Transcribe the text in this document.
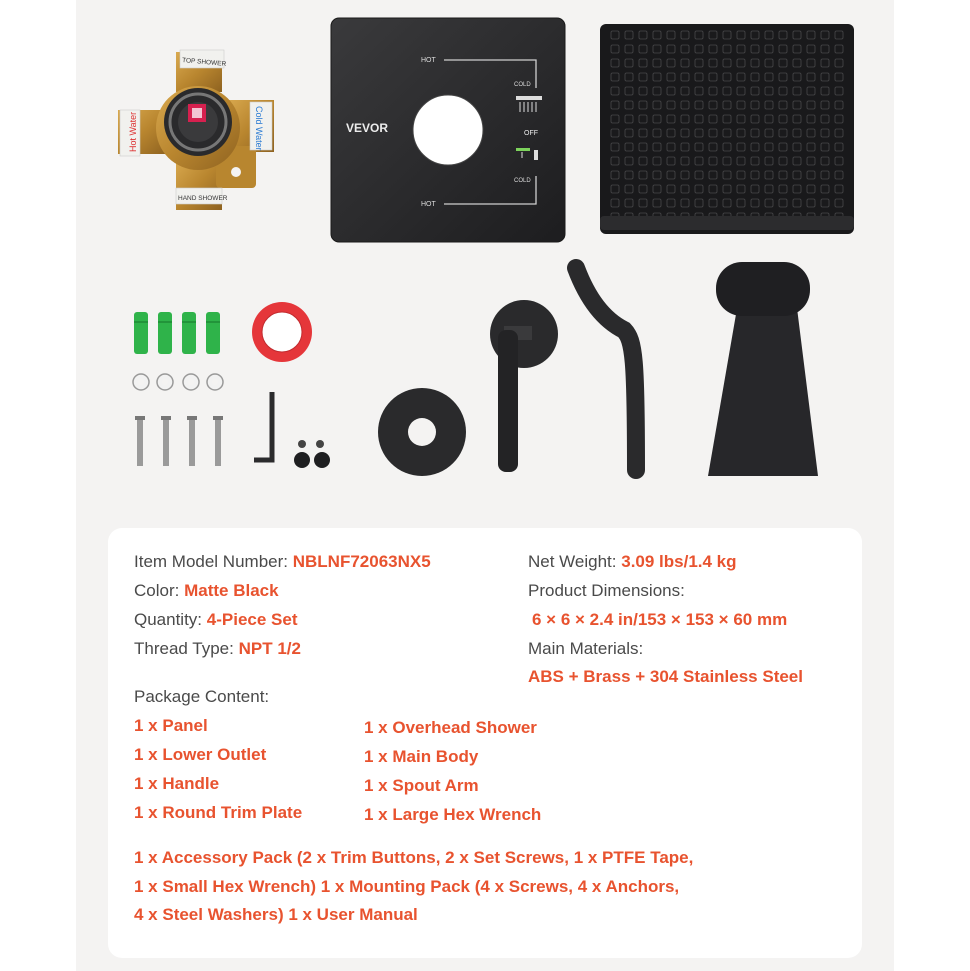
TOP SHOWER
HAND SHOWER
Hot Water	Cold Water	VEVOR
HOT
COLD
OFF
COLD
HOT
Item Model Number: NBLNF72063NX5
Color: Matte Black
Quantity: 4-Piece Set
Thread Type: NPT 1/2
Net Weight: 3.09 lbs/1.4 kg
Product Dimensions:
6 × 6 × 2.4 in/153 × 153 × 60 mm
Main Materials:
ABS + Brass + 304 Stainless Steel
Package Content:
1 x Panel
1 x Lower Outlet
1 x Handle
1 x Round Trim Plate
1 x Overhead Shower
1 x Main Body
1 x Spout Arm
1 x Large Hex Wrench
1 x Accessory Pack (2 x Trim Buttons, 2 x Set Screws, 1 x PTFE Tape,
1 x Small Hex Wrench) 1 x Mounting Pack (4 x Screws, 4 x Anchors,
4 x Steel Washers) 1 x User Manual
